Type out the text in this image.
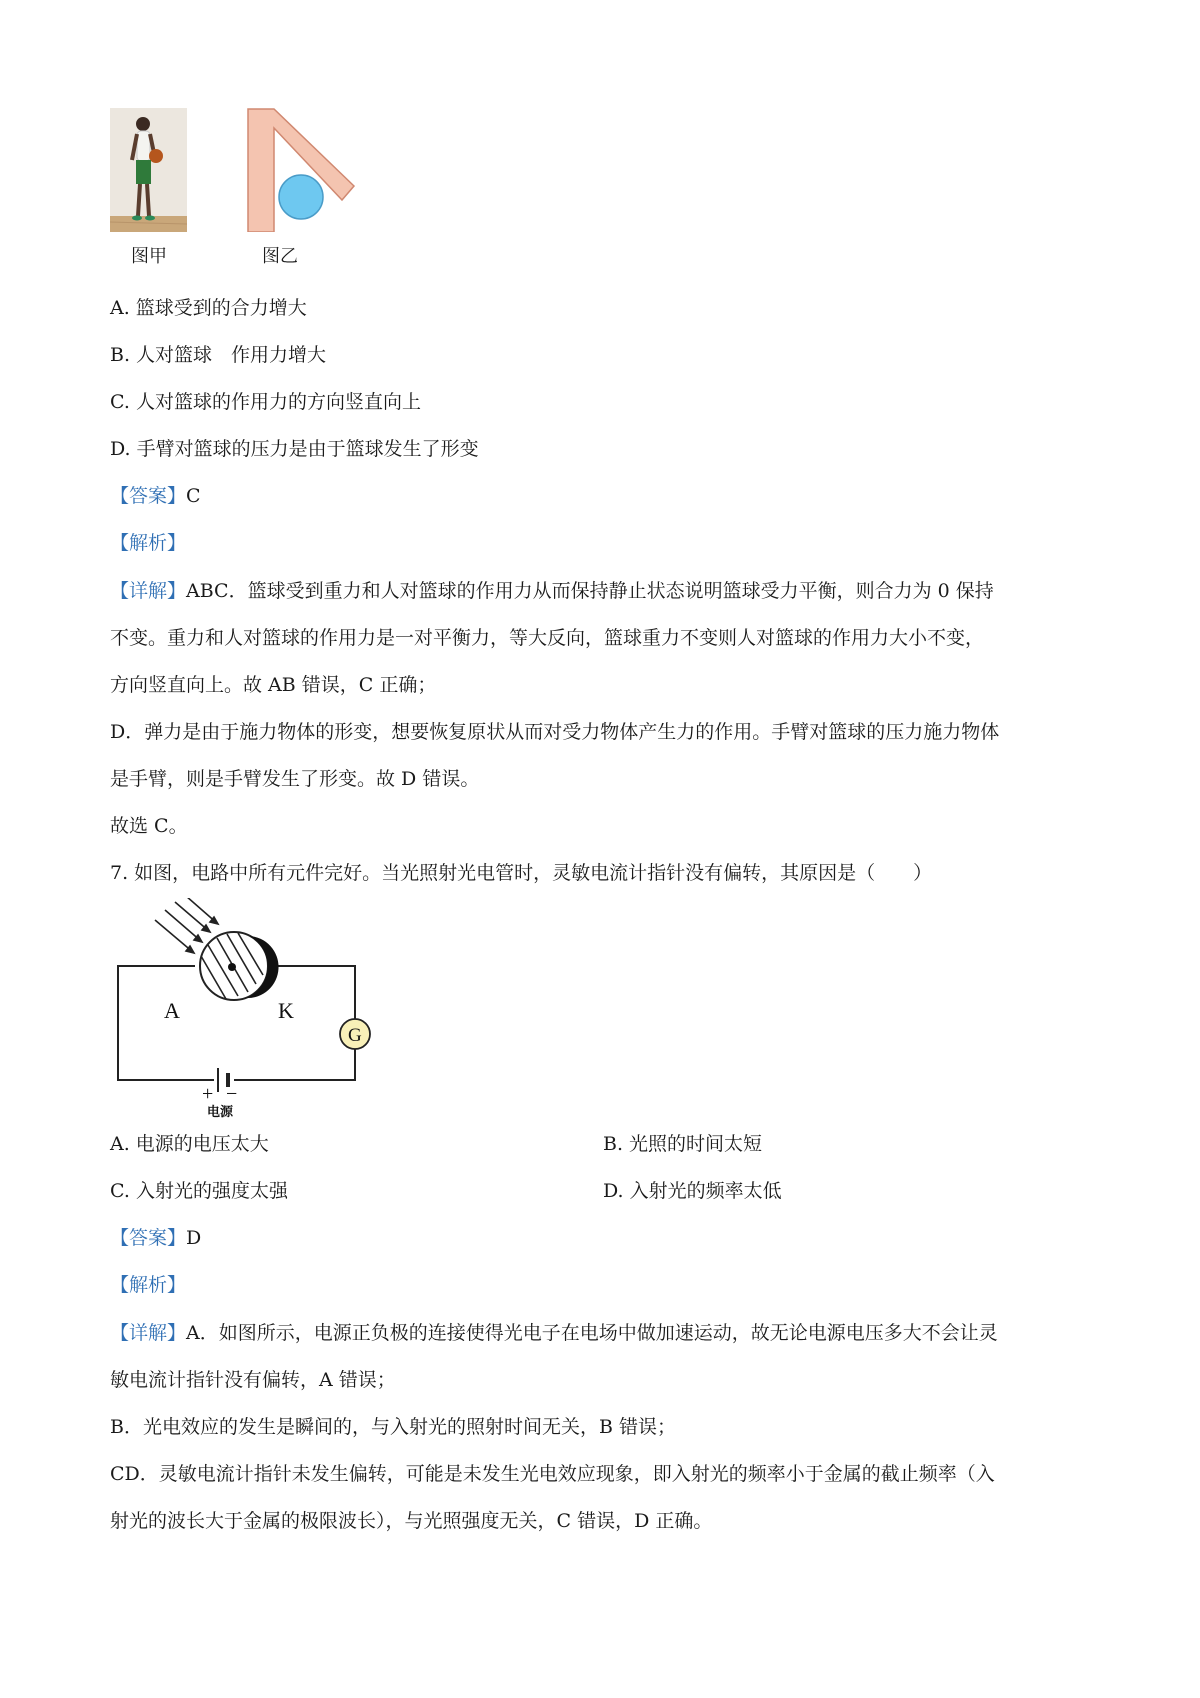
图甲	图乙
A. 篮球受到的合力增大
B. 人对篮球　作用力增大
C. 人对篮球的作用力的方向竖直向上
D. 手臂对篮球的压力是由于篮球发生了形变
【答案】C
【解析】
【详解】ABC．篮球受到重力和人对篮球的作用力从而保持静止状态说明篮球受力平衡，则合力为 0 保持
不变。重力和人对篮球的作用力是一对平衡力，等大反向，篮球重力不变则人对篮球的作用力大小不变，
方向竖直向上。故 AB 错误，C 正确；
D．弹力是由于施力物体的形变，想要恢复原状从而对受力物体产生力的作用。手臂对篮球的压力施力物体
是手臂，则是手臂发生了形变。故 D 错误。
故选 C。
7. 如图，电路中所有元件完好。当光照射光电管时，灵敏电流计指针没有偏转，其原因是（　　）
A	K
G
+ −
电源
A. 电源的电压太大	B. 光照的时间太短
C. 入射光的强度太强	D. 入射光的频率太低
【答案】D
【解析】
【详解】A．如图所示，电源正负极的连接使得光电子在电场中做加速运动，故无论电源电压多大不会让灵
敏电流计指针没有偏转，A 错误；
B．光电效应的发生是瞬间的，与入射光的照射时间无关，B 错误；
CD．灵敏电流计指针未发生偏转，可能是未发生光电效应现象，即入射光的频率小于金属的截止频率（入
射光的波长大于金属的极限波长），与光照强度无关，C 错误，D 正确。
